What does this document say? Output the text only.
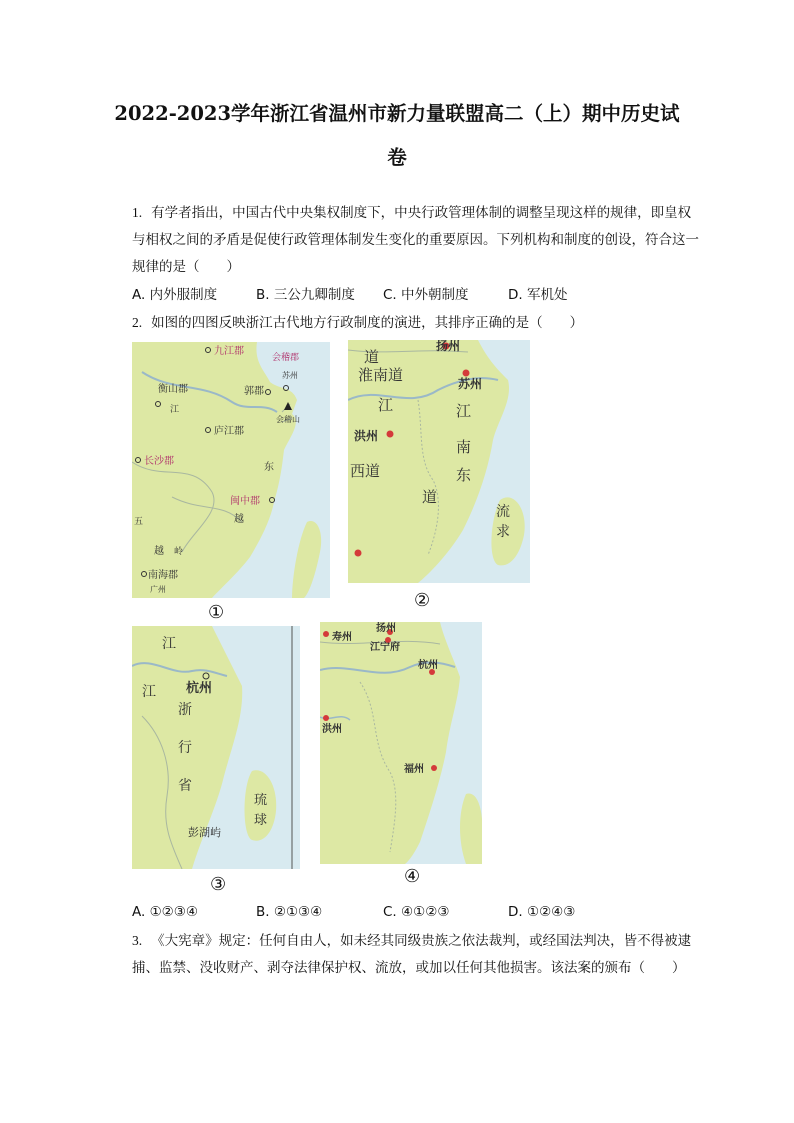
2022-2023学年浙江省温州市新力量联盟高二（上）期中历史试
卷
1. 有学者指出，中国古代中央集权制度下，中央行政管理体制的调整呈现这样的规律，即皇权与相权之间的矛盾是促使行政管理体制发生变化的重要原因。下列机构和制度的创设，符合这一规律的是（　　）
A. 内外服制度	B. 三公九卿制度 C. 中外朝制度	D. 军机处
2. 如图的四图反映浙江古代地方行政制度的演进，其排序正确的是（　　）
九江郡
会稽郡
苏州
衡山郡
江
郭郡
庐江郡
会稽山
长沙郡
东
闽中郡
越
五
越 岭
南海郡
广州
①
道
扬州
淮南道	苏州
江	江
洪州
南
西道	东
道
流
求
②
江
江 杭州
浙
行
省
琉
球
彭湖屿
③
寿州
扬州
江宁府
杭州
洪州
福州
④
A. ①②③④	B. ②①③④	C. ④①②③	D. ①②④③
3. 《大宪章》规定：任何自由人，如未经其同级贵族之依法裁判，或经国法判决，皆不得被逮捕、监禁、没收财产、剥夺法律保护权、流放，或加以任何其他损害。该法案的颁布（　　）
